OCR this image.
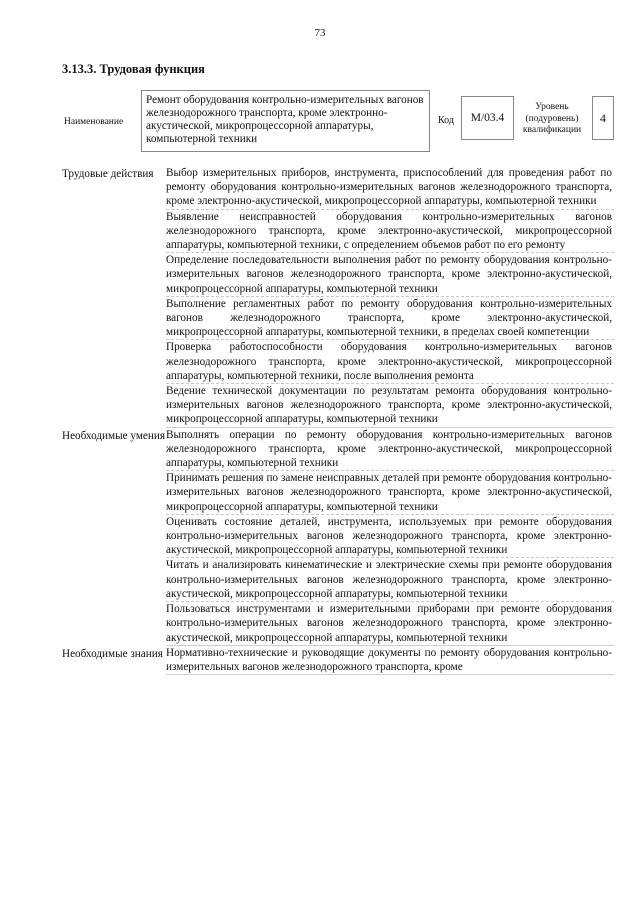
73
3.13.3. Трудовая функция
Наименование
Ремонт оборудования контрольно-измерительных вагонов железнодорожного транспорта, кроме электронно-акустической, микропроцессорной аппаратуры, компьютерной техники
Код	М/03.4
Уровень (подуровень) квалификации
4
Трудовые действия	Выбор измерительных приборов, инструмента, приспособлений для проведения работ по ремонту оборудования контрольно-измерительных вагонов железнодорожного транспорта, кроме электронно-акустической, микропроцессорной аппаратуры, компьютерной техники
Выявление неисправностей оборудования контрольно-измерительных вагонов железнодорожного транспорта, кроме электронно-акустической, микропроцессорной аппаратуры, компьютерной техники, с определением объемов работ по его ремонту
Определение последовательности выполнения работ по ремонту оборудования контрольно-измерительных вагонов железнодорожного транспорта, кроме электронно-акустической, микропроцессорной аппаратуры, компьютерной техники
Выполнение регламентных работ по ремонту оборудования контрольно-измерительных вагонов железнодорожного транспорта, кроме электронно-акустической, микропроцессорной аппаратуры, компьютерной техники, в пределах своей компетенции
Проверка работоспособности оборудования контрольно-измерительных вагонов железнодорожного транспорта, кроме электронно-акустической, микропроцессорной аппаратуры, компьютерной техники, после выполнения ремонта
Ведение технической документации по результатам ремонта оборудования контрольно-измерительных вагонов железнодорожного транспорта, кроме электронно-акустической, микропроцессорной аппаратуры, компьютерной техники
Необходимые умения Выполнять операции по ремонту оборудования контрольно-измерительных вагонов железнодорожного транспорта, кроме электронно-акустической, микропроцессорной аппаратуры, компьютерной техники
Принимать решения по замене неисправных деталей при ремонте оборудования контрольно-измерительных вагонов железнодорожного транспорта, кроме электронно-акустической, микропроцессорной аппаратуры, компьютерной техники
Оценивать состояние деталей, инструмента, используемых при ремонте оборудования контрольно-измерительных вагонов железнодорожного транспорта, кроме электронно-акустической, микропроцессорной аппаратуры, компьютерной техники
Читать и анализировать кинематические и электрические схемы при ремонте оборудования контрольно-измерительных вагонов железнодорожного транспорта, кроме электронно-акустической, микропроцессорной аппаратуры, компьютерной техники
Пользоваться инструментами и измерительными приборами при ремонте оборудования контрольно-измерительных вагонов железнодорожного транспорта, кроме электронно-акустической, микропроцессорной аппаратуры, компьютерной техники
Необходимые знания Нормативно-технические и руководящие документы по ремонту оборудования контрольно-измерительных вагонов железнодорожного транспорта, кроме
